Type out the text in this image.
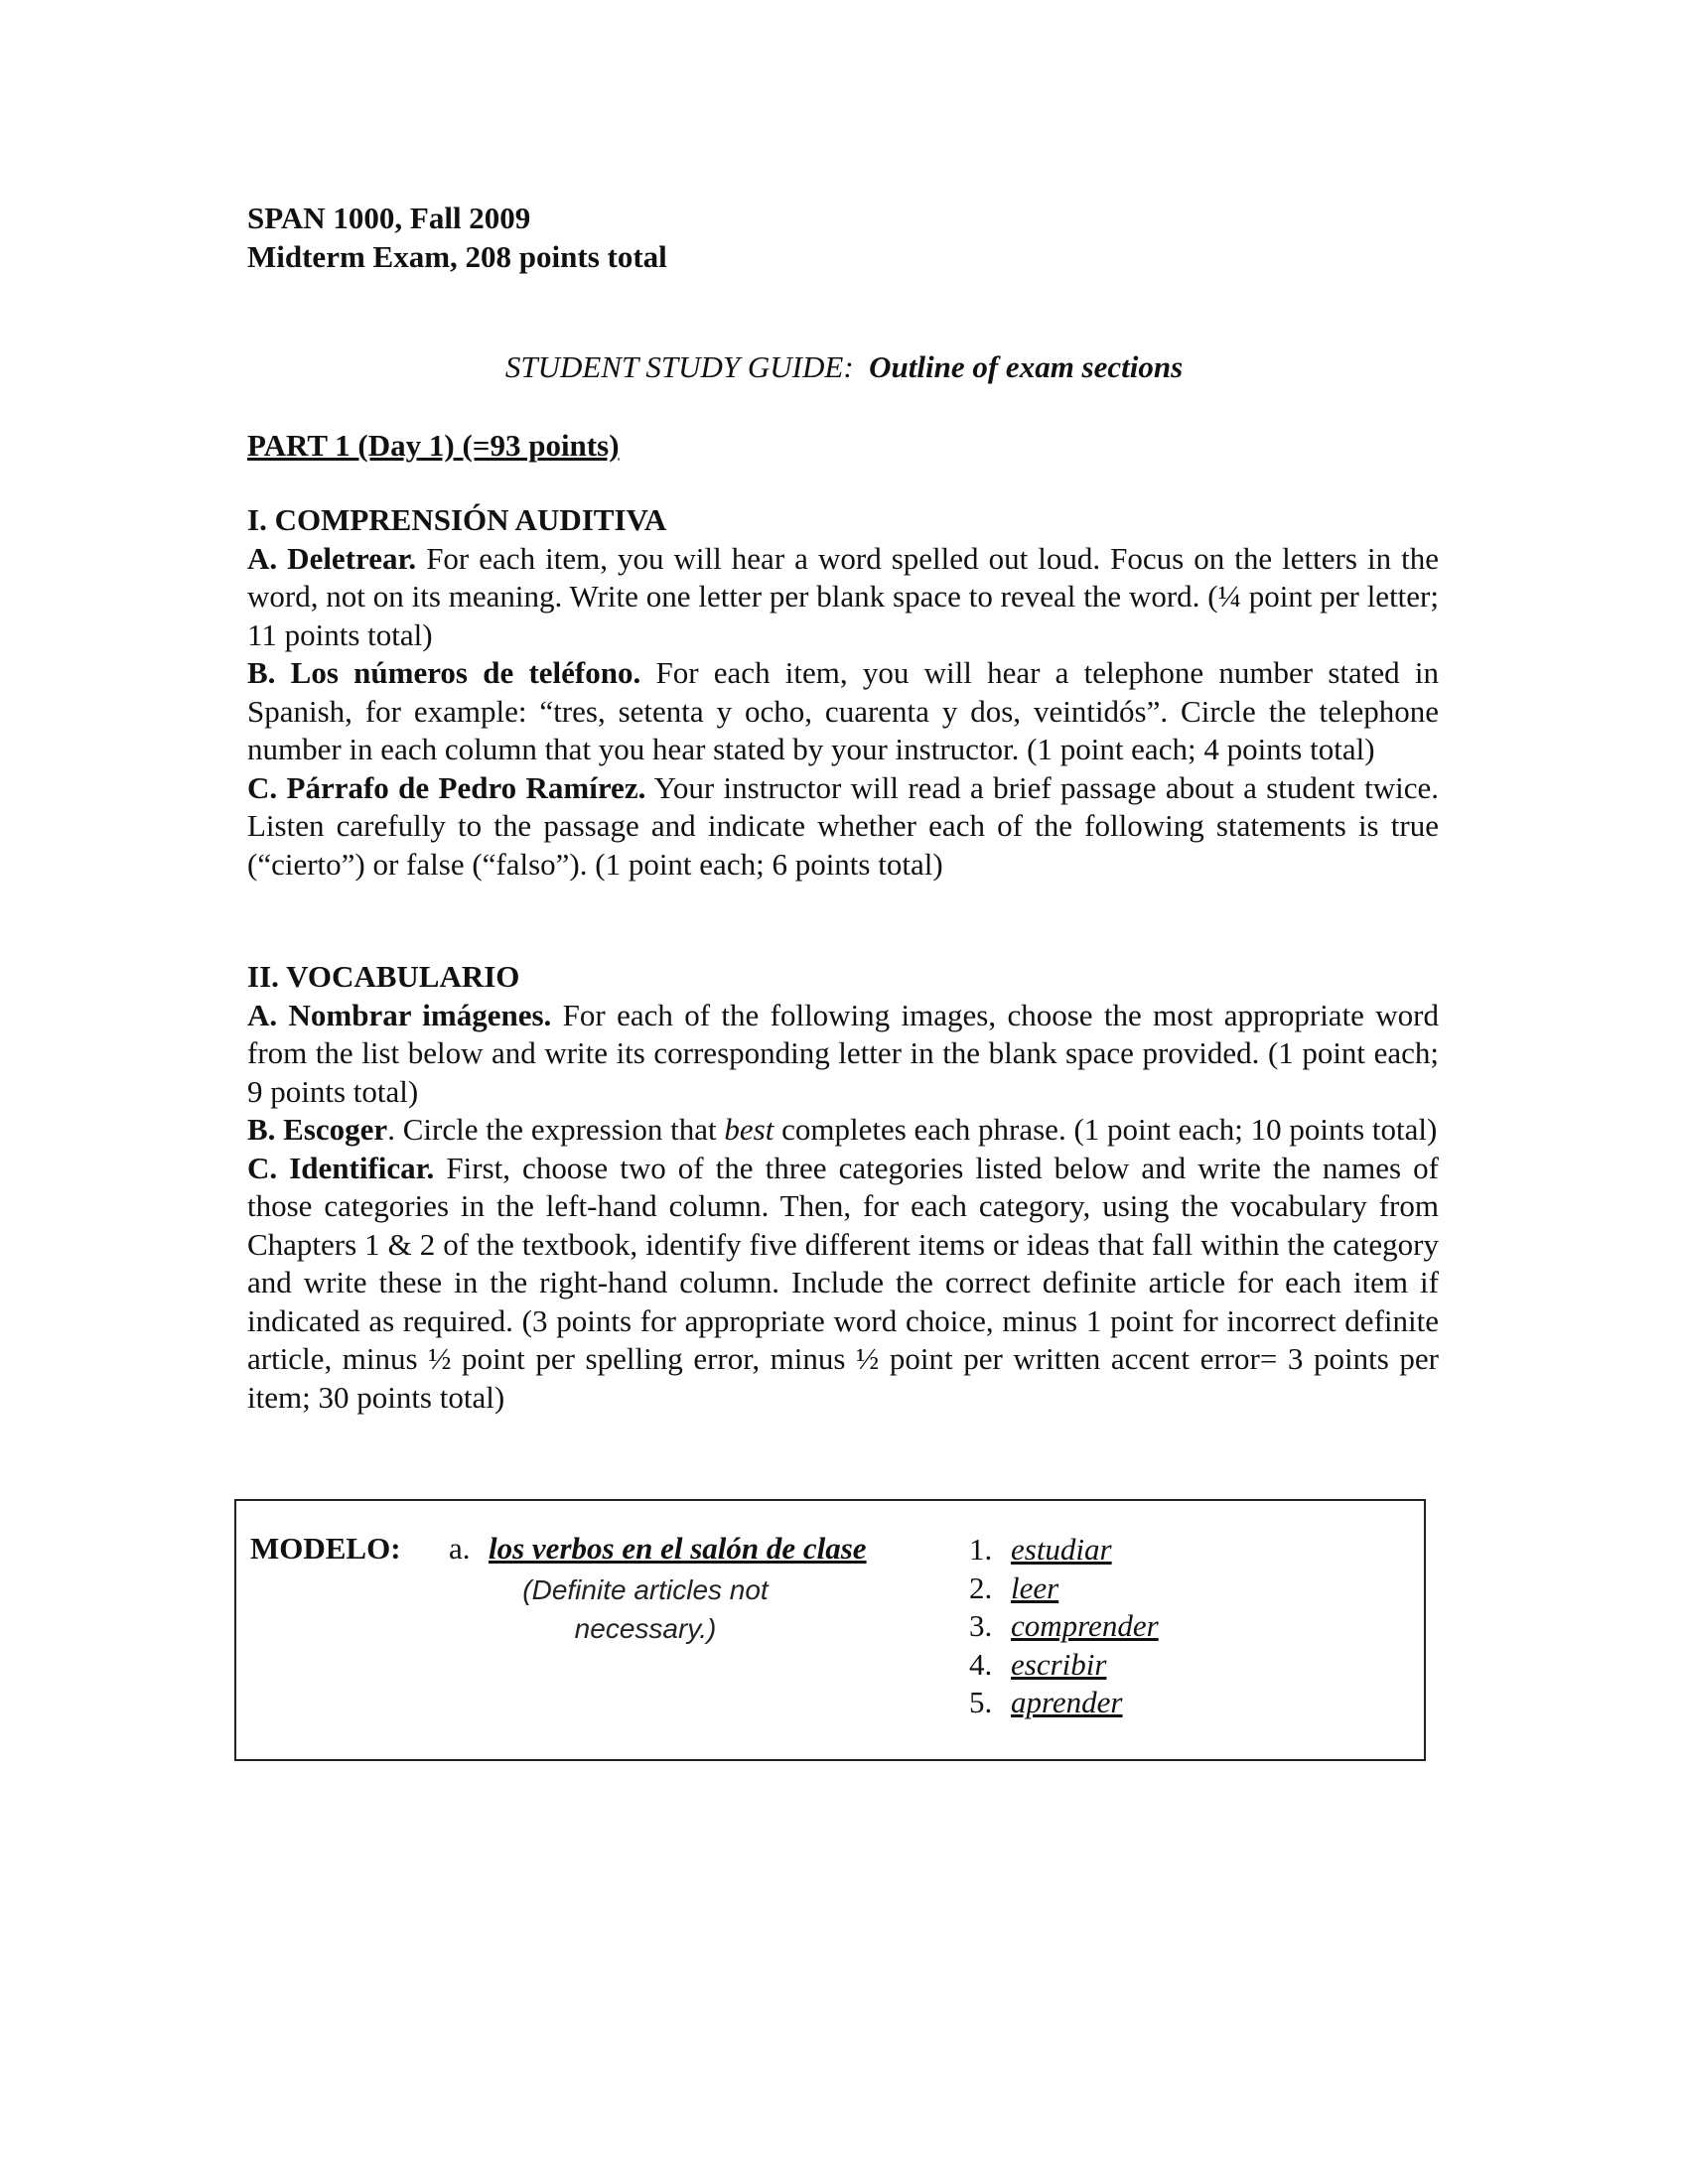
SPAN 1000, Fall 2009
Midterm Exam, 208 points total
STUDENT STUDY GUIDE: Outline of exam sections
PART 1 (Day 1) (=93 points)
I. COMPRENSIÓN AUDITIVA
A. Deletrear. For each item, you will hear a word spelled out loud. Focus on the letters in the word, not on its meaning. Write one letter per blank space to reveal the word. (¼ point per letter; 11 points total)
B. Los números de teléfono. For each item, you will hear a telephone number stated in Spanish, for example: “tres, setenta y ocho, cuarenta y dos, veintidós”. Circle the telephone number in each column that you hear stated by your instructor. (1 point each; 4 points total)
C. Párrafo de Pedro Ramírez. Your instructor will read a brief passage about a student twice. Listen carefully to the passage and indicate whether each of the following statements is true (“cierto”) or false (“falso”). (1 point each; 6 points total)
II. VOCABULARIO
A. Nombrar imágenes. For each of the following images, choose the most appropriate word from the list below and write its corresponding letter in the blank space provided. (1 point each; 9 points total)
B. Escoger. Circle the expression that best completes each phrase. (1 point each; 10 points total)
C. Identificar. First, choose two of the three categories listed below and write the names of those categories in the left-hand column. Then, for each category, using the vocabulary from Chapters 1 & 2 of the textbook, identify five different items or ideas that fall within the category and write these in the right-hand column. Include the correct definite article for each item if indicated as required. (3 points for appropriate word choice, minus 1 point for incorrect definite article, minus ½ point per spelling error, minus ½ point per written accent error= 3 points per item; 30 points total)
MODELO: a. los verbos en el salón de clase
(Definite articles not
necessary.)
1. estudiar
2. leer
3. comprender
4. escribir
5. aprender
